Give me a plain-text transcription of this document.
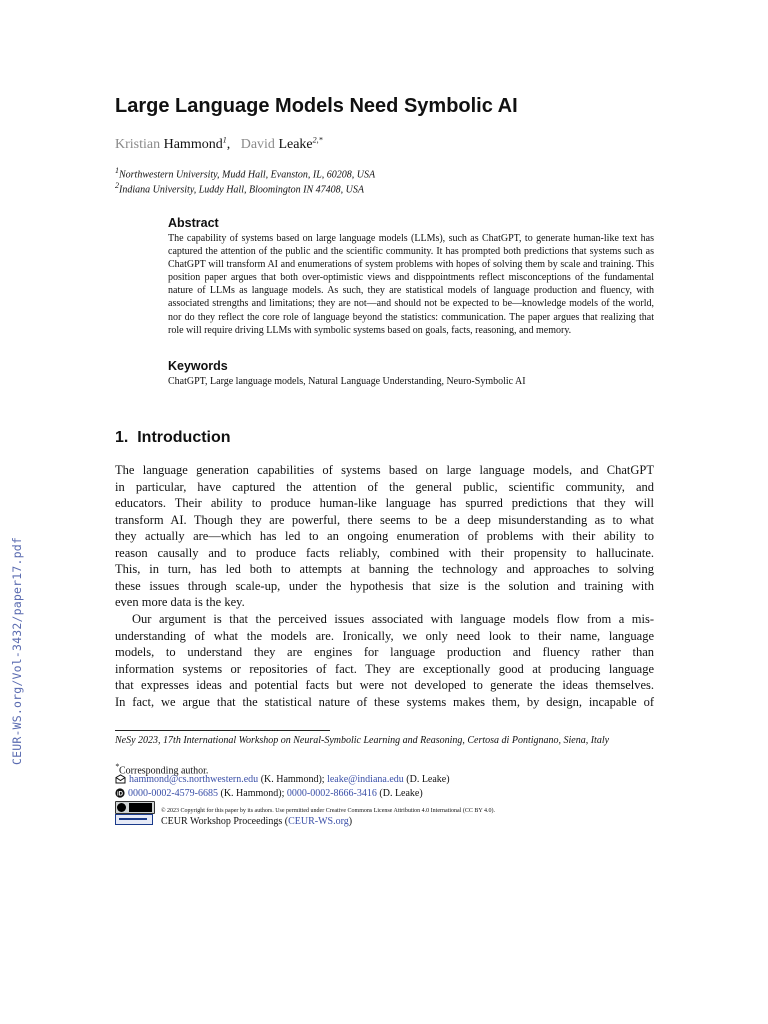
CEUR-WS.org/Vol-3432/paper17.pdf
Large Language Models Need Symbolic AI
Kristian Hammond$^1$, David Leake$^{2,*}$
$^1$Northwestern University, Mudd Hall, Evanston, IL, 60208, USA
$^2$Indiana University, Luddy Hall, Bloomington IN 47408, USA
Abstract

The capability of systems based on large language models (LLMs), such as ChatGPT, to generate human-like text has captured the attention of the public and the scientific community. It has prompted both predictions that systems such as ChatGPT will transform AI and enumerations of system problems with hopes of solving them by scale and training. This position paper argues that both over-optimistic views and disppointments reflect misconceptions of the fundamental nature of LLMs as language models. As such, they are statistical models of language production and fluency, with associated strengths and limitations; they are not—and should not be expected to be—knowledge models of the world, nor do they reflect the core role of language beyond the statistics: communication. The paper argues that realizing that role will require driving LLMs with symbolic systems based on goals, facts, reasoning, and memory.

Keywords

ChatGPT, Large language models, Natural Language Understanding, Neuro-Symbolic AI

1. Introduction

The language generation capabilities of systems based on large language models, and ChatGPT
in particular, have captured the attention of the general public, scientific community, and
educators. Their ability to produce human-like language has spurred predictions that they will
transform AI. Though they are powerful, there seems to be a deep misunderstanding as to what
they actually are—which has led to an ongoing enumeration of problems with their ability to
reason causally and to produce facts reliably, combined with their propensity to hallucinate.
This, in turn, has led both to attempts at banning the technology and approaches to solving
these issues through scale-up, under the hypothesis that size is the solution and training with
even more data is the key.

Our argument is that the perceived issues associated with language models flow from a mis-
understanding of what the models are. Ironically, we only need look to their name, language
models, to understand they are engines for language production and fluency rather than
information systems or repositories of fact. They are exceptionally good at producing language
that expresses ideas and potential facts but were not developed to generate the ideas themselves.
In fact, we argue that the statistical nature of these systems makes them, by design, incapable of

NeSy 2023, 17th International Workshop on Neural-Symbolic Learning and Reasoning, Certosa di Pontignano, Siena, Italy
*Corresponding author.
hammond@cs.northwestern.edu (K. Hammond); leake@indiana.edu (D. Leake)
iD 0000-0002-4579-6685 (K. Hammond); 0000-0002-8666-3416 (D. Leake)
© 2023 Copyright for this paper by its authors. Use permitted under Creative Commons License Attribution 4.0 International (CC BY 4.0).
CEUR Workshop Proceedings (CEUR-WS.org)
